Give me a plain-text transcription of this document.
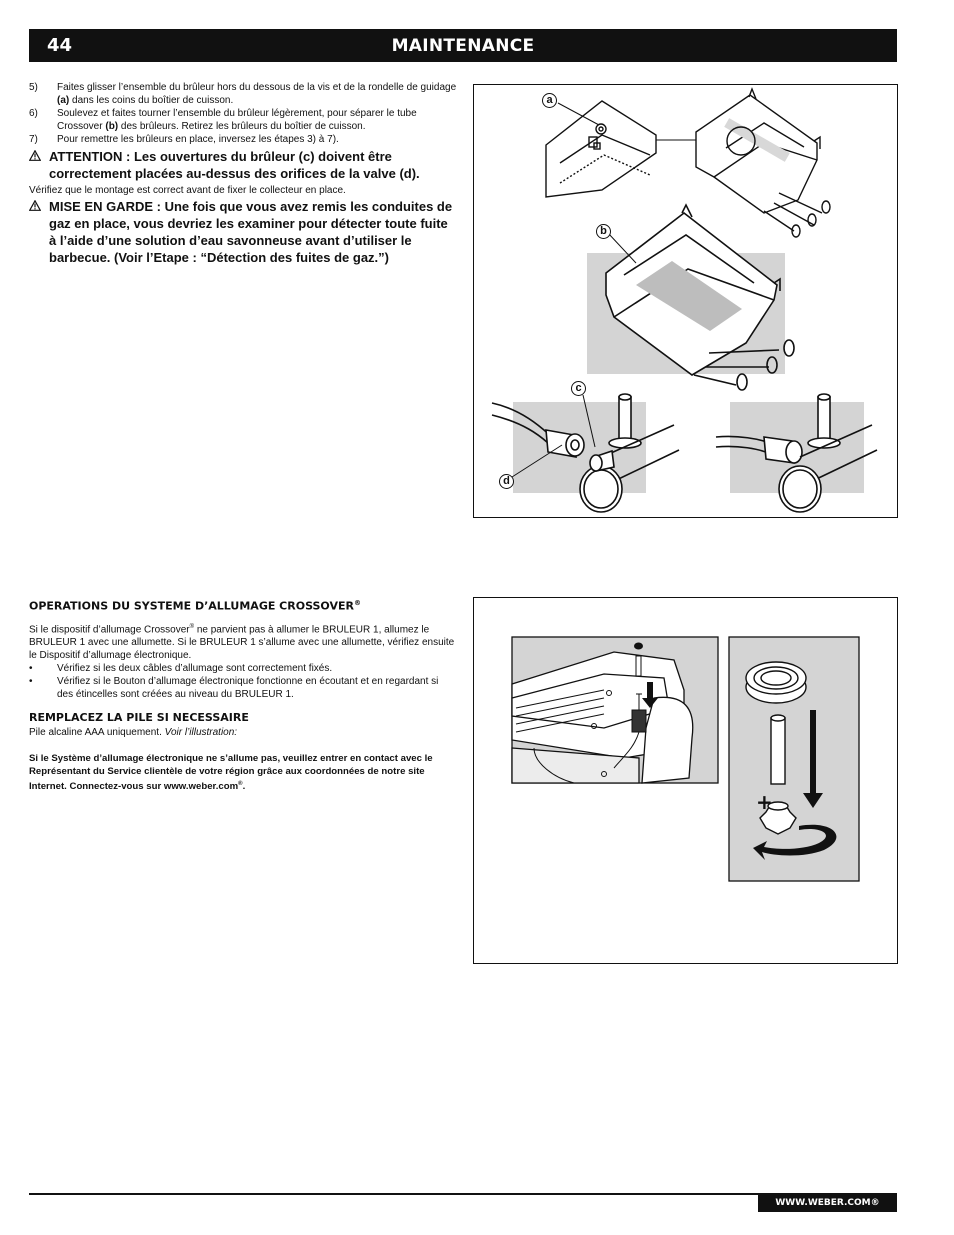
44	MAINTENANCE
5)	Faites glisser l’ensemble du brûleur hors du dessous de la vis et de la rondelle de guidage (a) dans les coins du boîtier de cuisson.
6)	Soulevez et faites tourner l’ensemble du brûleur légèrement, pour séparer le tube Crossover (b) des brûleurs. Retirez les brûleurs du boîtier de cuisson.
7)	Pour remettre les brûleurs en place, inversez les étapes 3) à 7).
ATTENTION : Les ouvertures du brûleur (c) doivent être correctement placées au-dessus des orifices de la valve (d).
Vérifiez que le montage est correct avant de fixer le collecteur en place.
MISE EN GARDE : Une fois que vous avez remis les conduites de gaz en place, vous devriez les examiner pour détecter toute fuite à l’aide d’une solution d’eau savonneuse avant d’utiliser le barbecue. (Voir l’Etape : “Détection des fuites de gaz.”)
a
b
c
d
OPERATIONS DU SYSTEME D’ALLUMAGE CROSSOVER®
Si le dispositif d’allumage Crossover® ne parvient pas à allumer le BRULEUR 1, allumez le BRULEUR 1 avec une allumette. Si le BRULEUR 1 s’allume avec une allumette, vérifiez ensuite le Dispositif d’allumage électronique.
•	Vérifiez si les deux câbles d’allumage sont correctement fixés.
•	Vérifiez si le Bouton d’allumage électronique fonctionne en écoutant et en regardant si des étincelles sont créées au niveau du BRULEUR 1.
REMPLACEZ LA PILE SI NECESSAIRE
Pile alcaline AAA uniquement. Voir l’illustration:
Si le Système d’allumage électronique ne s’allume pas, veuillez entrer en contact avec le Représentant du Service clientèle de votre région grâce aux coordonnées de notre site Internet. Connectez-vous sur www.weber.com®.
+
WWW.WEBER.COM®
